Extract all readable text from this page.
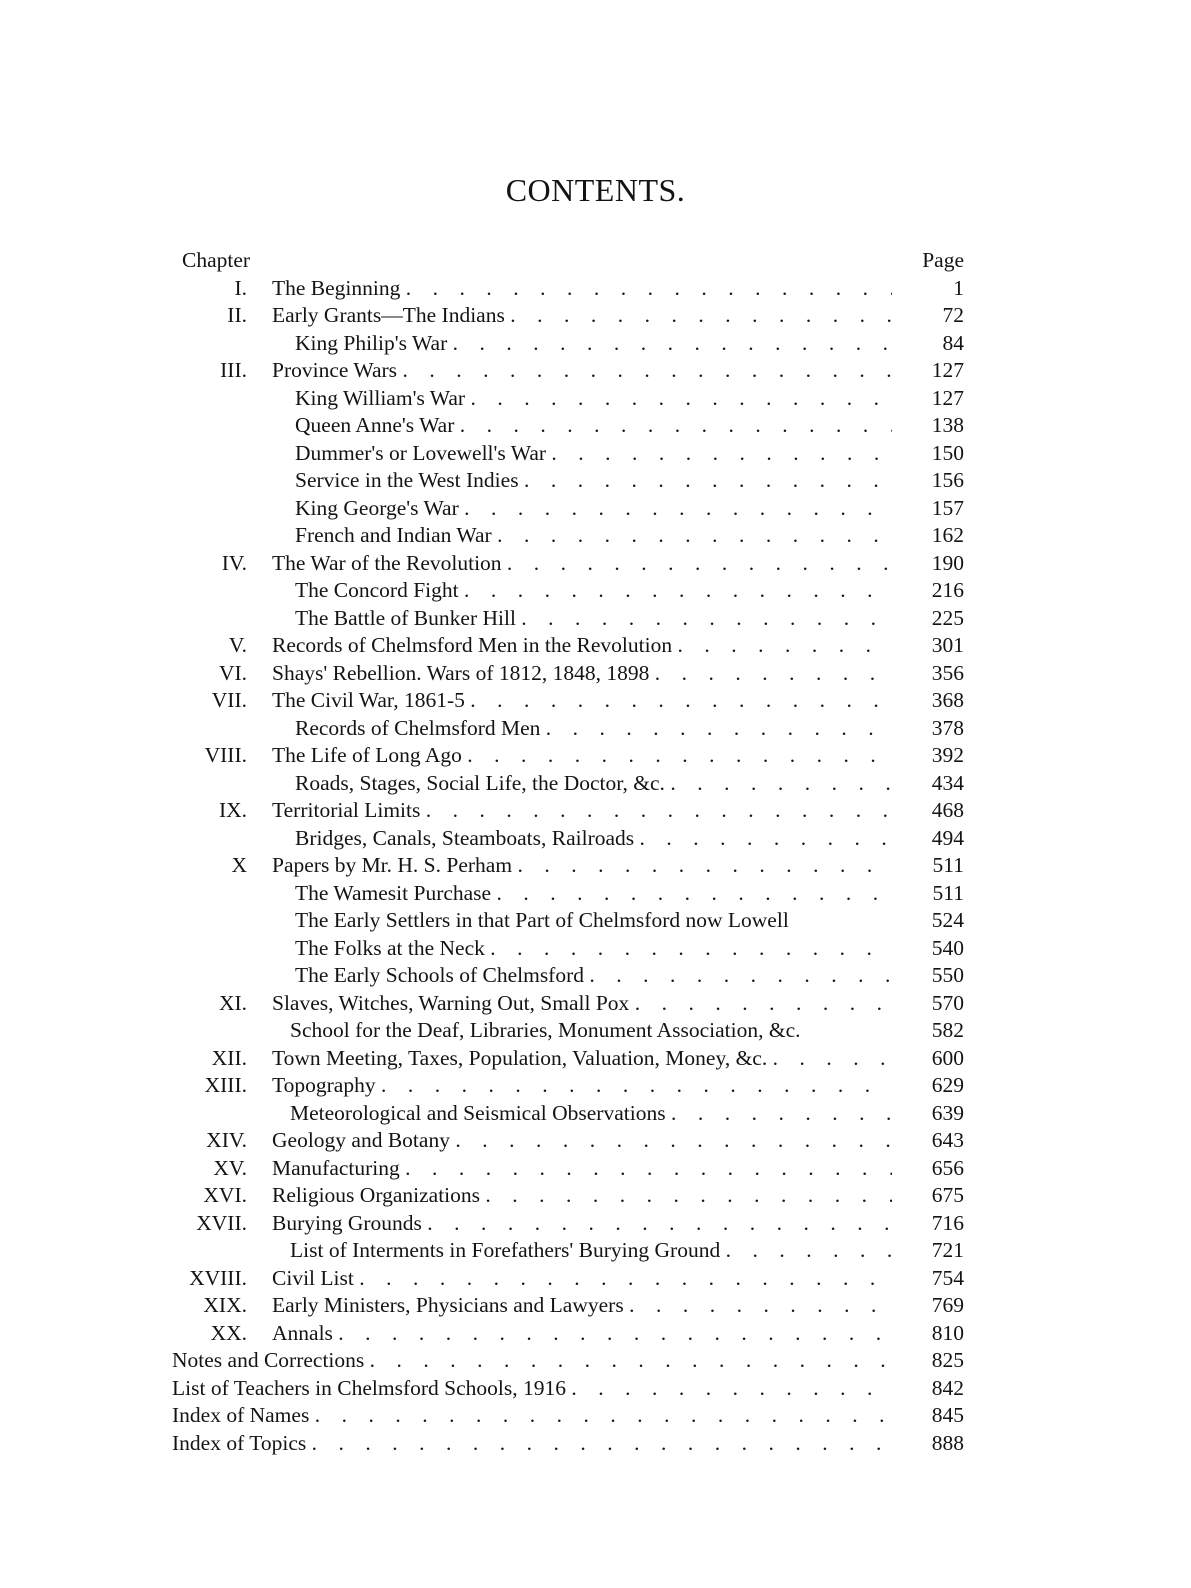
CONTENTS.
Chapter	Page
I. The Beginning .	1
II. Early Grants—The Indians .	72
King Philip's War .	84
III. Province Wars .	127
King William's War .	127
Queen Anne's War .	138
Dummer's or Lovewell's War .	150
Service in the West Indies .	156
King George's War .	157
French and Indian War .	162
IV. The War of the Revolution .	190
The Concord Fight .	216
The Battle of Bunker Hill .	225
V. Records of Chelmsford Men in the Revolution .	301
VI. Shays' Rebellion. Wars of 1812, 1848, 1898 .	356
VII. The Civil War, 1861-5 .	368
Records of Chelmsford Men .	378
VIII. The Life of Long Ago .	392
Roads, Stages, Social Life, the Doctor, &c. .	434
IX. Territorial Limits .	468
Bridges, Canals, Steamboats, Railroads .	494
X Papers by Mr. H. S. Perham .	511
The Wamesit Purchase .	511
The Early Settlers in that Part of Chelmsford now Lowell	524
The Folks at the Neck .	540
The Early Schools of Chelmsford .	550
XI. Slaves, Witches, Warning Out, Small Pox .	570
School for the Deaf, Libraries, Monument Association, &c.	582
XII. Town Meeting, Taxes, Population, Valuation, Money, &c. .	600
XIII. Topography .	629
Meteorological and Seismical Observations .	639
XIV. Geology and Botany .	643
XV. Manufacturing .	656
XVI. Religious Organizations .	675
XVII. Burying Grounds .	716
List of Interments in Forefathers' Burying Ground .	721
XVIII. Civil List .	754
XIX. Early Ministers, Physicians and Lawyers .	769
XX. Annals .	810
Notes and Corrections .	825
List of Teachers in Chelmsford Schools, 1916 .	842
Index of Names .	845
Index of Topics .	888
